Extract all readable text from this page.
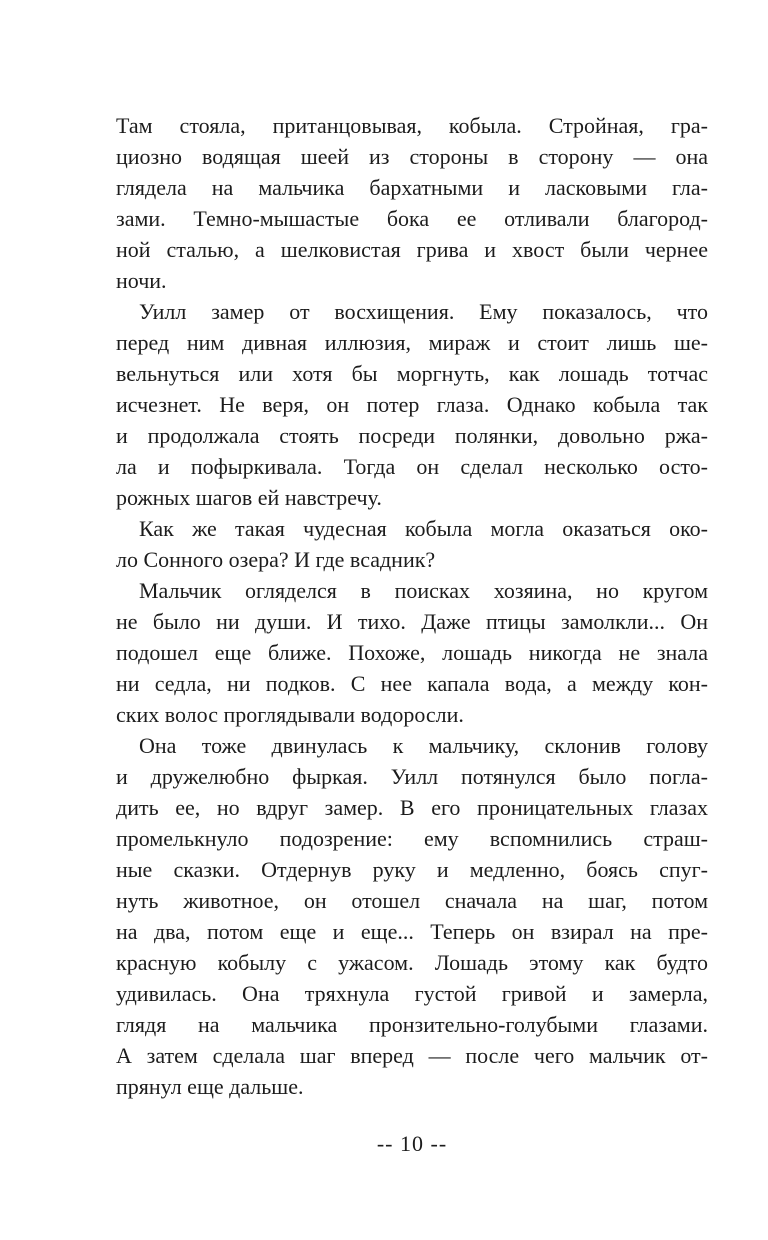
Там стояла, пританцовывая, кобыла. Стройная, гра-
циозно водящая шеей из стороны в сторону — она
глядела на мальчика бархатными и ласковыми гла-
зами. Темно-мышастые бока ее отливали благород-
ной сталью, а шелковистая грива и хвост были чернее
ночи.
Уилл замер от восхищения. Ему показалось, что
перед ним дивная иллюзия, мираж и стоит лишь ше-
вельнуться или хотя бы моргнуть, как лошадь тотчас
исчезнет. Не веря, он потер глаза. Однако кобыла так
и продолжала стоять посреди полянки, довольно ржа-
ла и пофыркивала. Тогда он сделал несколько осто-
рожных шагов ей навстречу.
Как же такая чудесная кобыла могла оказаться око-
ло Сонного озера? И где всадник?
Мальчик огляделся в поисках хозяина, но кругом
не было ни души. И тихо. Даже птицы замолкли... Он
подошел еще ближе. Похоже, лошадь никогда не знала
ни седла, ни подков. С нее капала вода, а между кон-
ских волос проглядывали водоросли.
Она тоже двинулась к мальчику, склонив голову
и дружелюбно фыркая. Уилл потянулся было погла-
дить ее, но вдруг замер. В его проницательных глазах
промелькнуло подозрение: ему вспомнились страш-
ные сказки. Отдернув руку и медленно, боясь спуг-
нуть животное, он отошел сначала на шаг, потом
на два, потом еще и еще... Теперь он взирал на пре-
красную кобылу с ужасом. Лошадь этому как будто
удивилась. Она тряхнула густой гривой и замерла,
глядя на мальчика пронзительно-голубыми глазами.
А затем сделала шаг вперед — после чего мальчик от-
прянул еще дальше.
-- 10 --
